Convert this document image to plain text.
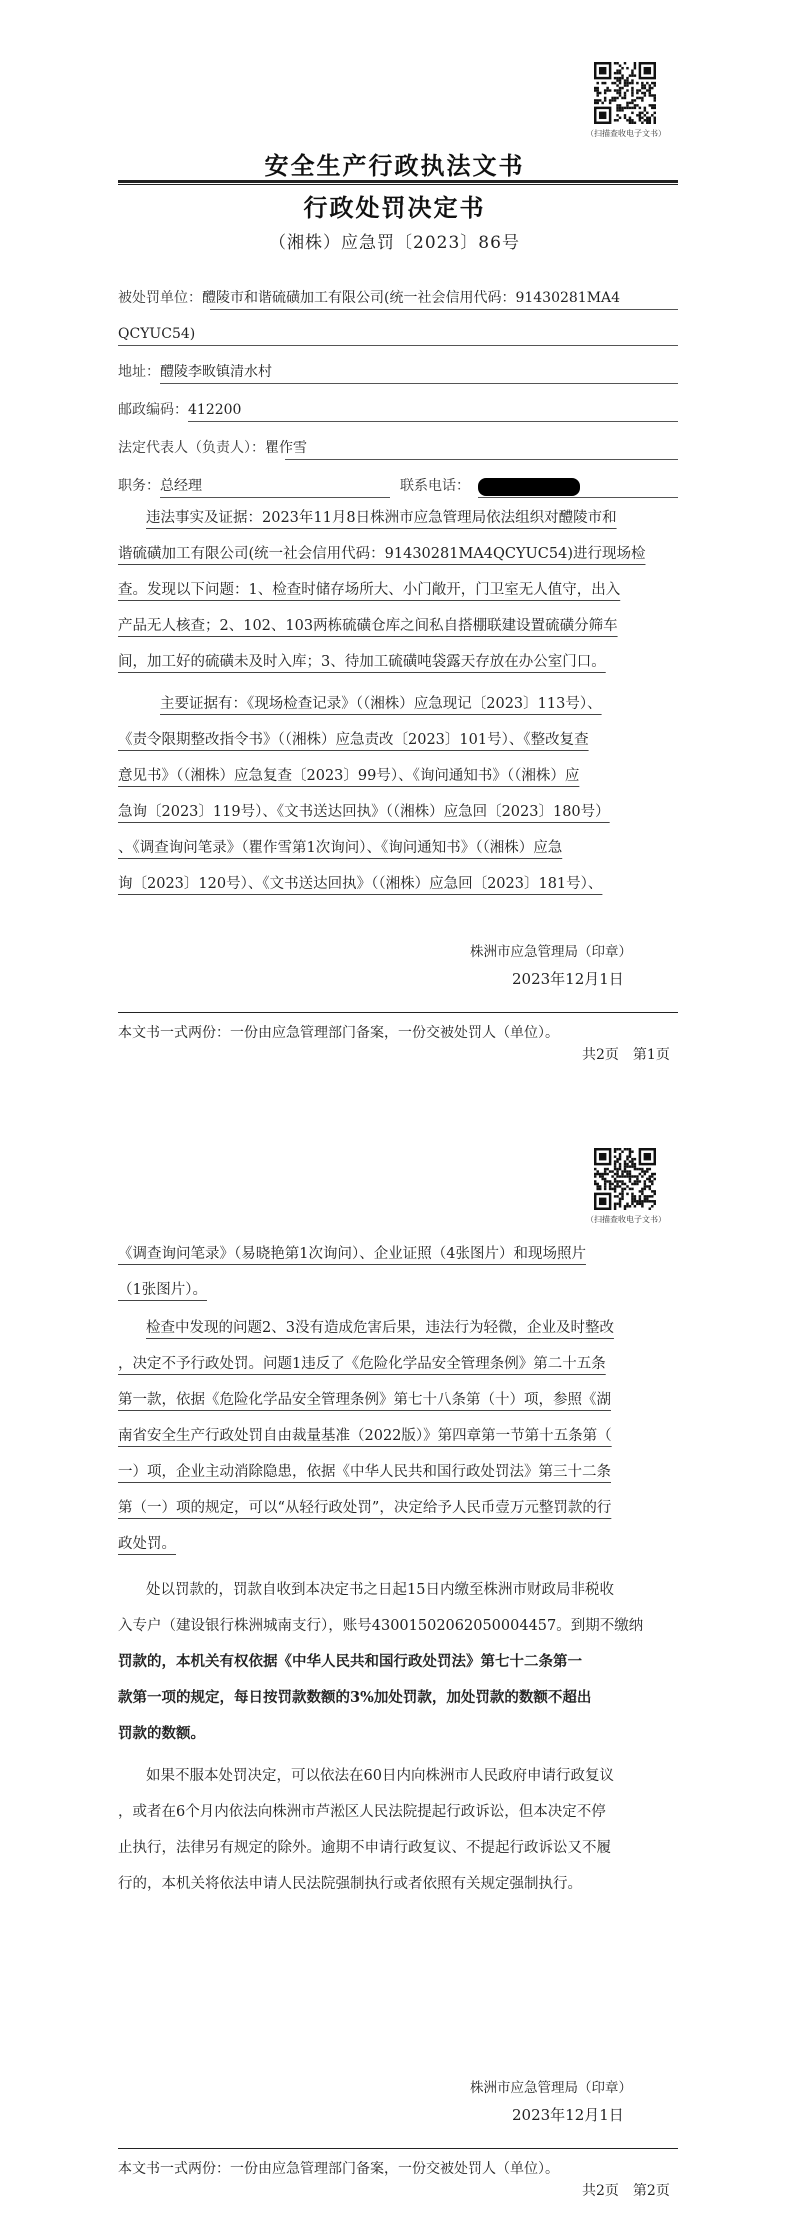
（扫描查收电子文书）
安全生产行政执法文书
行政处罚决定书
（湘株）应急罚〔2023〕86号
被处罚单位：醴陵市和谐硫磺加工有限公司(统一社会信用代码：91430281MA4
QCYUC54)
地址：醴陵李畋镇清水村
邮政编码：412200
法定代表人（负责人）：瞿作雪
职务：总经理	联系电话：
违法事实及证据：2023年11月8日株洲市应急管理局依法组织对醴陵市和
谐硫磺加工有限公司(统一社会信用代码：91430281MA4QCYUC54)进行现场检
查。发现以下问题：1、检查时储存场所大、小门敞开，门卫室无人值守，出入
产品无人核查；2、102、103两栋硫磺仓库之间私自搭棚联建设置硫磺分筛车
间，加工好的硫磺未及时入库；3、待加工硫磺吨袋露天存放在办公室门口。
主要证据有：《现场检查记录》（（湘株）应急现记〔2023〕113号）、
《责令限期整改指令书》（（湘株）应急责改〔2023〕101号）、《整改复查
意见书》（（湘株）应急复查〔2023〕99号）、《询问通知书》（（湘株）应
急询〔2023〕119号）、《文书送达回执》（（湘株）应急回〔2023〕180号）
、《调查询问笔录》（瞿作雪第1次询问）、《询问通知书》（（湘株）应急
询〔2023〕120号）、《文书送达回执》（（湘株）应急回〔2023〕181号）、
株洲市应急管理局（印章）
2023年12月1日
本文书一式两份：一份由应急管理部门备案，一份交被处罚人（单位）。
共2页　第1页
（扫描查收电子文书）
《调查询问笔录》（易晓艳第1次询问）、企业证照（4张图片）和现场照片
（1张图片）。
检查中发现的问题2、3没有造成危害后果，违法行为轻微，企业及时整改
，决定不予行政处罚。问题1违反了《危险化学品安全管理条例》第二十五条
第一款，依据《危险化学品安全管理条例》第七十八条第（十）项，参照《湖
南省安全生产行政处罚自由裁量基准（2022版）》第四章第一节第十五条第（
一）项，企业主动消除隐患，依据《中华人民共和国行政处罚法》第三十二条
第（一）项的规定，可以“从轻行政处罚”，决定给予人民币壹万元整罚款的行
政处罚。
处以罚款的，罚款自收到本决定书之日起15日内缴至株洲市财政局非税收
入专户（建设银行株洲城南支行），账号43001502062050004457。到期不缴纳
罚款的，本机关有权依据《中华人民共和国行政处罚法》第七十二条第一
款第一项的规定，每日按罚款数额的3%加处罚款，加处罚款的数额不超出
罚款的数额。
如果不服本处罚决定，可以依法在60日内向株洲市人民政府申请行政复议
，或者在6个月内依法向株洲市芦淞区人民法院提起行政诉讼，但本决定不停
止执行，法律另有规定的除外。逾期不申请行政复议、不提起行政诉讼又不履
行的，本机关将依法申请人民法院强制执行或者依照有关规定强制执行。
株洲市应急管理局（印章）
2023年12月1日
本文书一式两份：一份由应急管理部门备案，一份交被处罚人（单位）。
共2页　第2页
